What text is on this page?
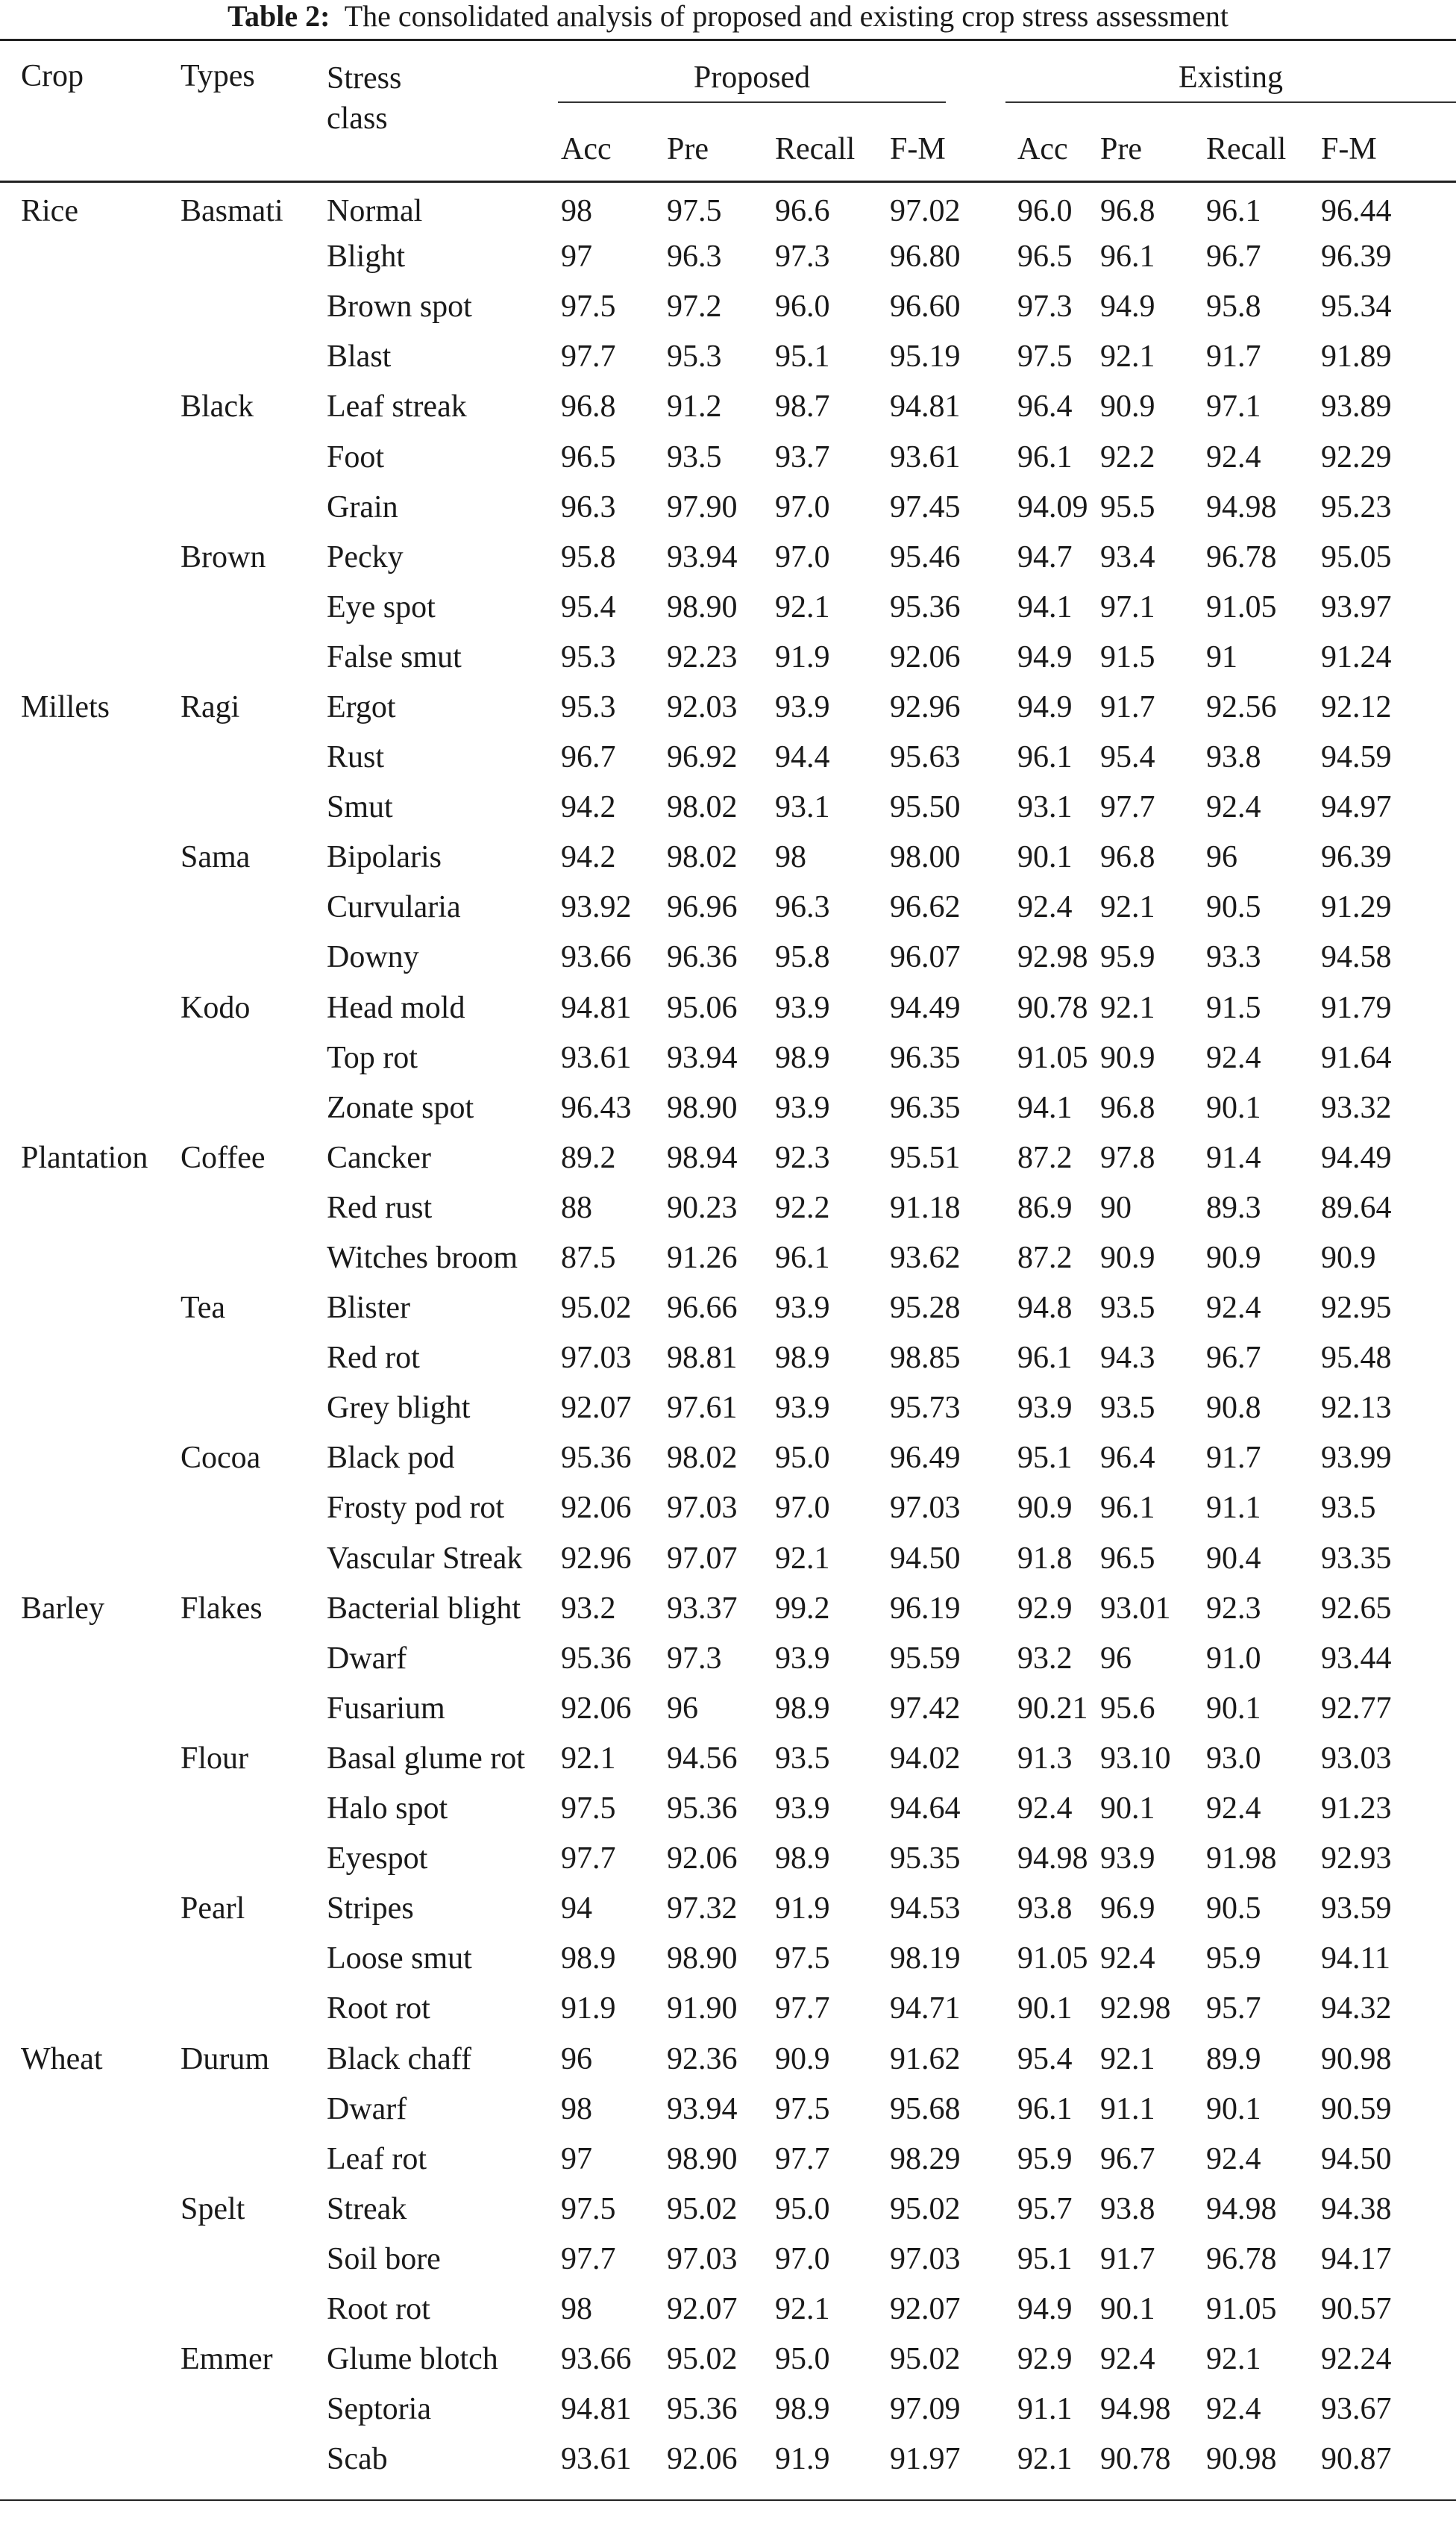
Table 2: The consolidated analysis of proposed and existing crop stress assessment
Crop	Types	Stress class	Proposed				Existing			

			Acc	Pre	Recall	F-M	Acc	Pre	Recall	F-M
Rice	Basmati	Normal	98	97.5	96.6	97.02	96.0	96.8	96.1	96.44
		Blight	97	96.3	97.3	96.80	96.5	96.1	96.7	96.39
		Brown spot	97.5	97.2	96.0	96.60	97.3	94.9	95.8	95.34
		Blast	97.7	95.3	95.1	95.19	97.5	92.1	91.7	91.89
	Black	Leaf streak	96.8	91.2	98.7	94.81	96.4	90.9	97.1	93.89
		Foot	96.5	93.5	93.7	93.61	96.1	92.2	92.4	92.29
		Grain	96.3	97.90	97.0	97.45	94.09	95.5	94.98	95.23
	Brown	Pecky	95.8	93.94	97.0	95.46	94.7	93.4	96.78	95.05
		Eye spot	95.4	98.90	92.1	95.36	94.1	97.1	91.05	93.97
		False smut	95.3	92.23	91.9	92.06	94.9	91.5	91	91.24
Millets	Ragi	Ergot	95.3	92.03	93.9	92.96	94.9	91.7	92.56	92.12
		Rust	96.7	96.92	94.4	95.63	96.1	95.4	93.8	94.59
		Smut	94.2	98.02	93.1	95.50	93.1	97.7	92.4	94.97
	Sama	Bipolaris	94.2	98.02	98	98.00	90.1	96.8	96	96.39
		Curvularia	93.92	96.96	96.3	96.62	92.4	92.1	90.5	91.29
		Downy	93.66	96.36	95.8	96.07	92.98	95.9	93.3	94.58
	Kodo	Head mold	94.81	95.06	93.9	94.49	90.78	92.1	91.5	91.79
		Top rot	93.61	93.94	98.9	96.35	91.05	90.9	92.4	91.64
		Zonate spot	96.43	98.90	93.9	96.35	94.1	96.8	90.1	93.32
Plantation	Coffee	Cancker	89.2	98.94	92.3	95.51	87.2	97.8	91.4	94.49
		Red rust	88	90.23	92.2	91.18	86.9	90	89.3	89.64
		Witches broom	87.5	91.26	96.1	93.62	87.2	90.9	90.9	90.9
	Tea	Blister	95.02	96.66	93.9	95.28	94.8	93.5	92.4	92.95
		Red rot	97.03	98.81	98.9	98.85	96.1	94.3	96.7	95.48
		Grey blight	92.07	97.61	93.9	95.73	93.9	93.5	90.8	92.13
	Cocoa	Black pod	95.36	98.02	95.0	96.49	95.1	96.4	91.7	93.99
		Frosty pod rot	92.06	97.03	97.0	97.03	90.9	96.1	91.1	93.5
		Vascular Streak	92.96	97.07	92.1	94.50	91.8	96.5	90.4	93.35
Barley	Flakes	Bacterial blight	93.2	93.37	99.2	96.19	92.9	93.01	92.3	92.65
		Dwarf	95.36	97.3	93.9	95.59	93.2	96	91.0	93.44
		Fusarium	92.06	96	98.9	97.42	90.21	95.6	90.1	92.77
	Flour	Basal glume rot	92.1	94.56	93.5	94.02	91.3	93.10	93.0	93.03
		Halo spot	97.5	95.36	93.9	94.64	92.4	90.1	92.4	91.23
		Eyespot	97.7	92.06	98.9	95.35	94.98	93.9	91.98	92.93
	Pearl	Stripes	94	97.32	91.9	94.53	93.8	96.9	90.5	93.59
		Loose smut	98.9	98.90	97.5	98.19	91.05	92.4	95.9	94.11
		Root rot	91.9	91.90	97.7	94.71	90.1	92.98	95.7	94.32
Wheat	Durum	Black chaff	96	92.36	90.9	91.62	95.4	92.1	89.9	90.98
		Dwarf	98	93.94	97.5	95.68	96.1	91.1	90.1	90.59
		Leaf rot	97	98.90	97.7	98.29	95.9	96.7	92.4	94.50
	Spelt	Streak	97.5	95.02	95.0	95.02	95.7	93.8	94.98	94.38
		Soil bore	97.7	97.03	97.0	97.03	95.1	91.7	96.78	94.17
		Root rot	98	92.07	92.1	92.07	94.9	90.1	91.05	90.57
	Emmer	Glume blotch	93.66	95.02	95.0	95.02	92.9	92.4	92.1	92.24
		Septoria	94.81	95.36	98.9	97.09	91.1	94.98	92.4	93.67
		Scab	93.61	92.06	91.9	91.97	92.1	90.78	90.98	90.87
